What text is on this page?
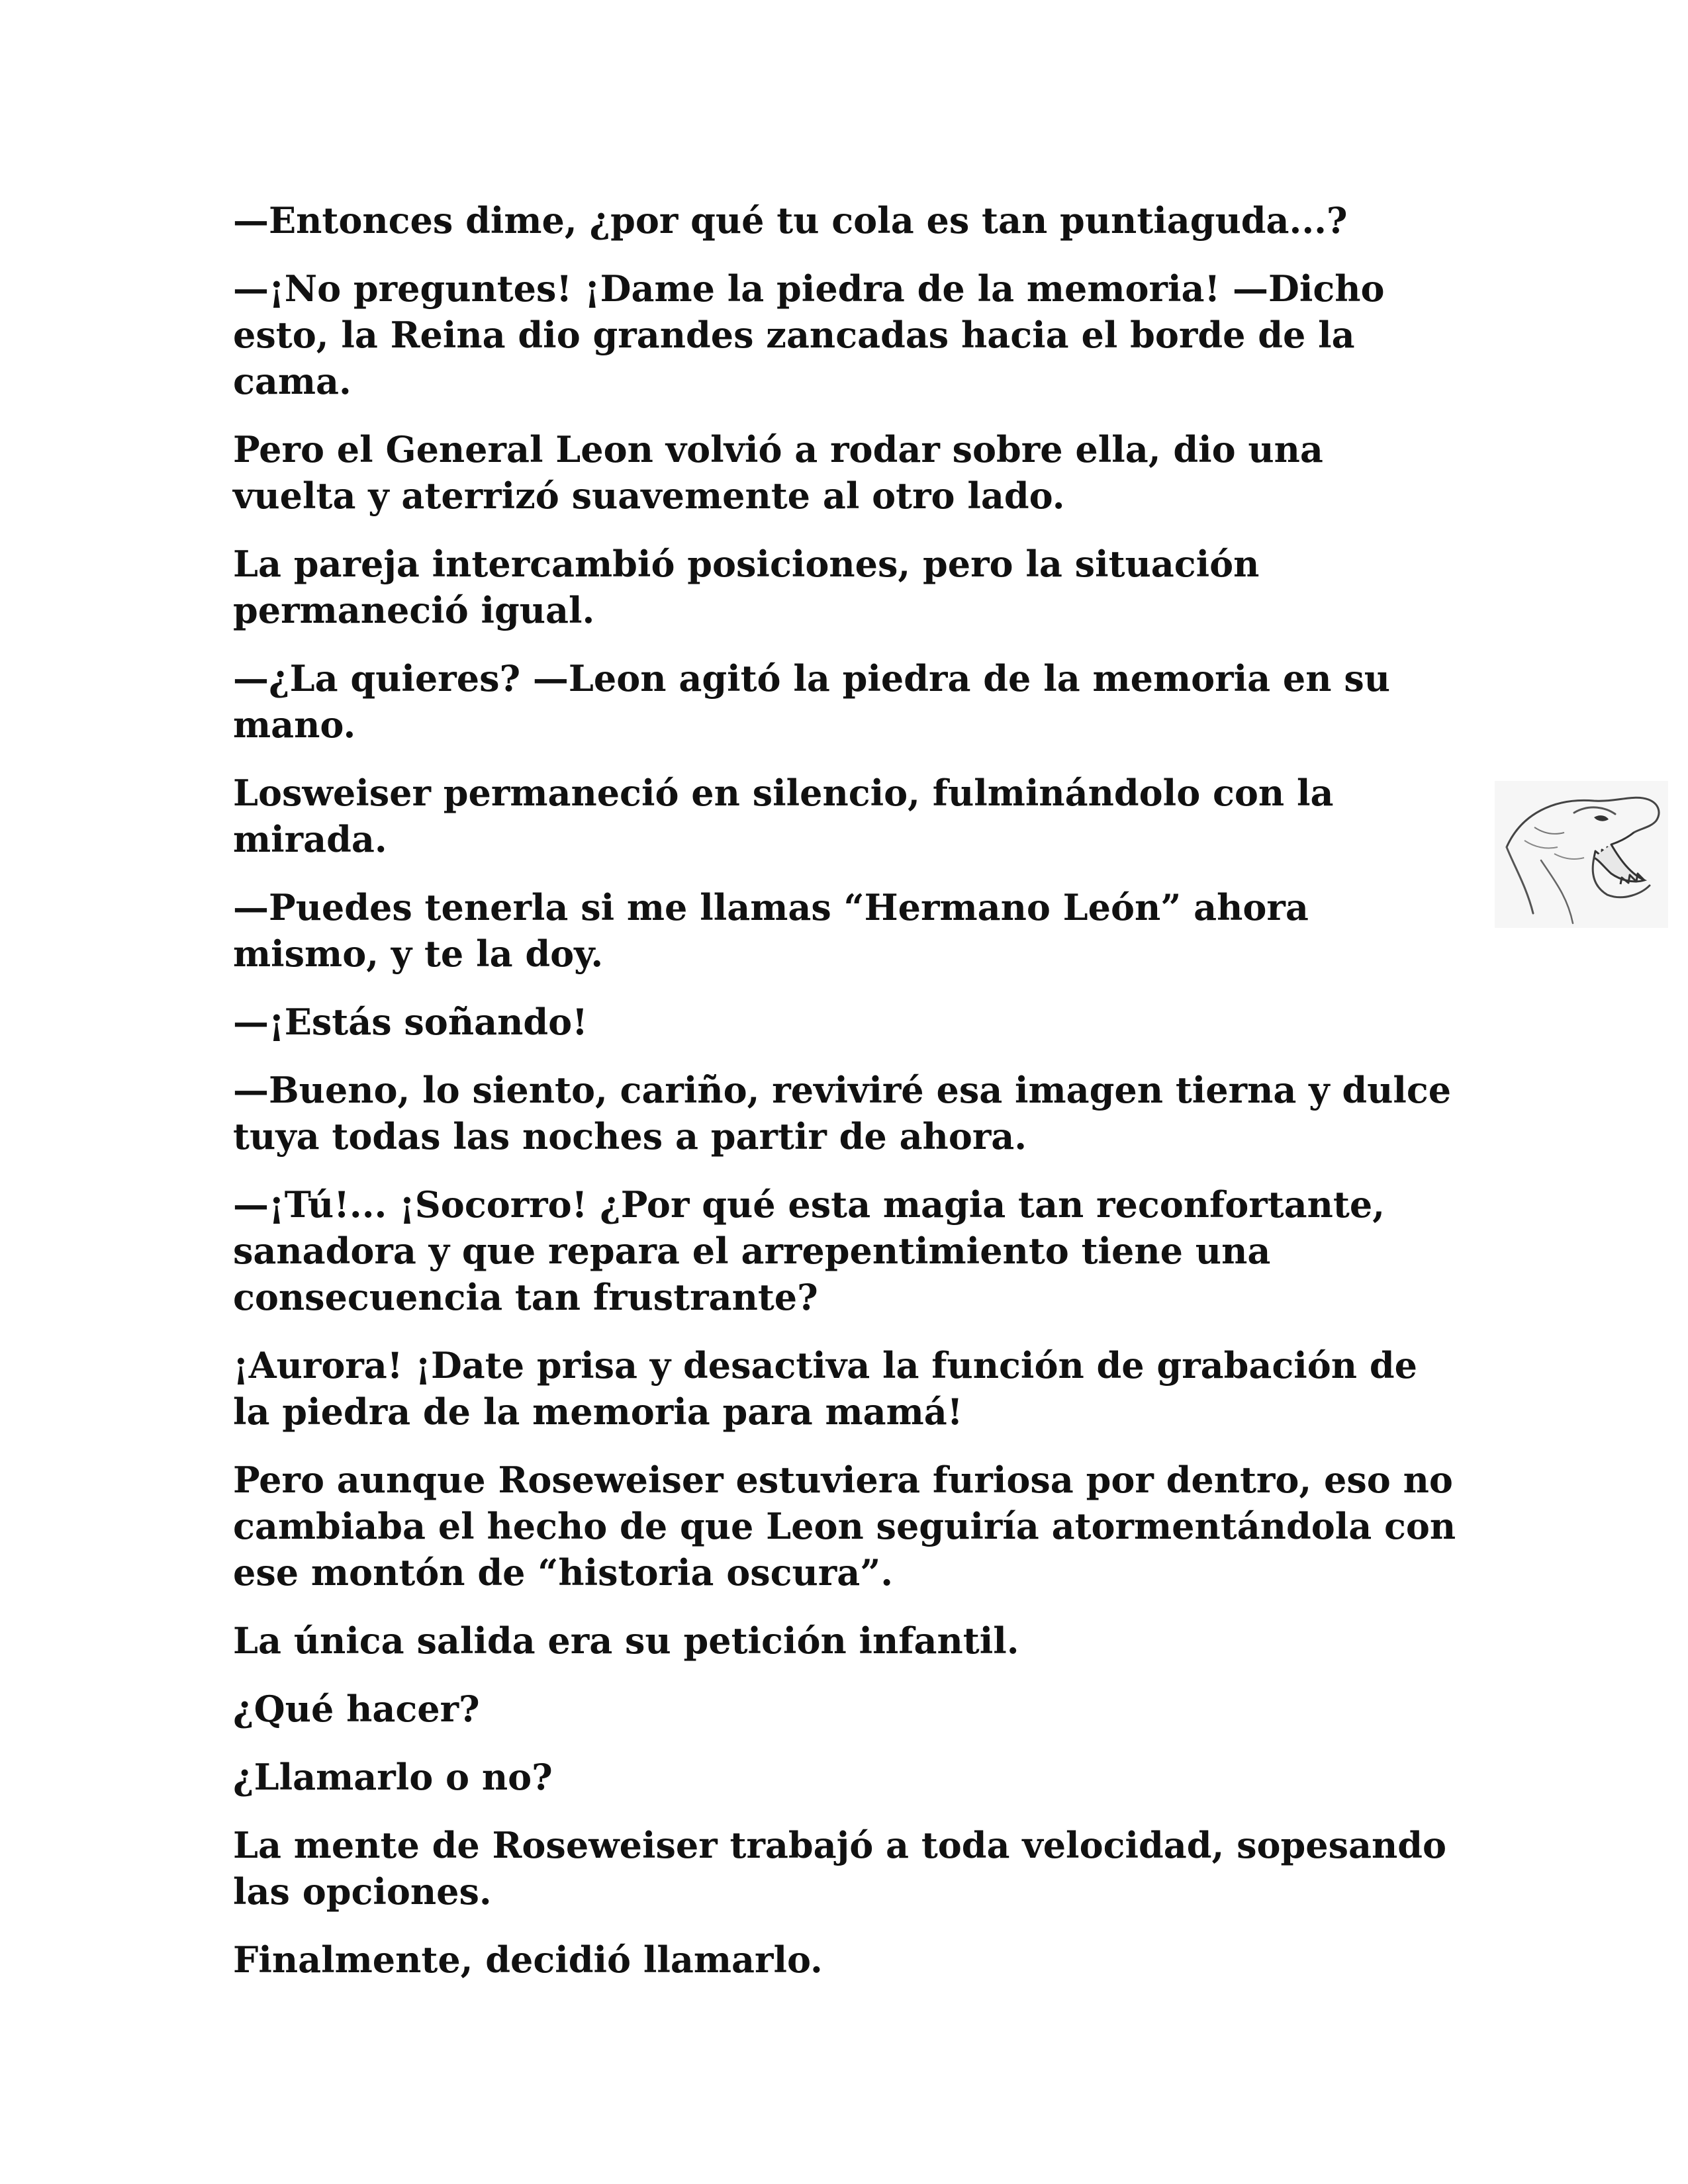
—Entonces dime, ¿por qué tu cola es tan puntiaguda...?

—¡No preguntes! ¡Dame la piedra de la memoria! —Dicho esto, la Reina dio grandes zancadas hacia el borde de la cama.

Pero el General Leon volvió a rodar sobre ella, dio una vuelta y aterrizó suavemente al otro lado.

La pareja intercambió posiciones, pero la situación permaneció igual.

—¿La quieres? —Leon agitó la piedra de la memoria en su mano.

Losweiser permaneció en silencio, fulminándolo con la mirada.

—Puedes tenerla si me llamas “Hermano León” ahora mismo, y te la doy.

—¡Estás soñando!

—Bueno, lo siento, cariño, reviviré esa imagen tierna y dulce tuya todas las noches a partir de ahora.

—¡Tú!... ¡Socorro! ¿Por qué esta magia tan reconfortante, sanadora y que repara el arrepentimiento tiene una consecuencia tan frustrante?

¡Aurora! ¡Date prisa y desactiva la función de grabación de la piedra de la memoria para mamá!

Pero aunque Roseweiser estuviera furiosa por dentro, eso no cambiaba el hecho de que Leon seguiría atormentándola con ese montón de “historia oscura”.

La única salida era su petición infantil.

¿Qué hacer?

¿Llamarlo o no?

La mente de Roseweiser trabajó a toda velocidad, sopesando las opciones.

Finalmente, decidió llamarlo.
